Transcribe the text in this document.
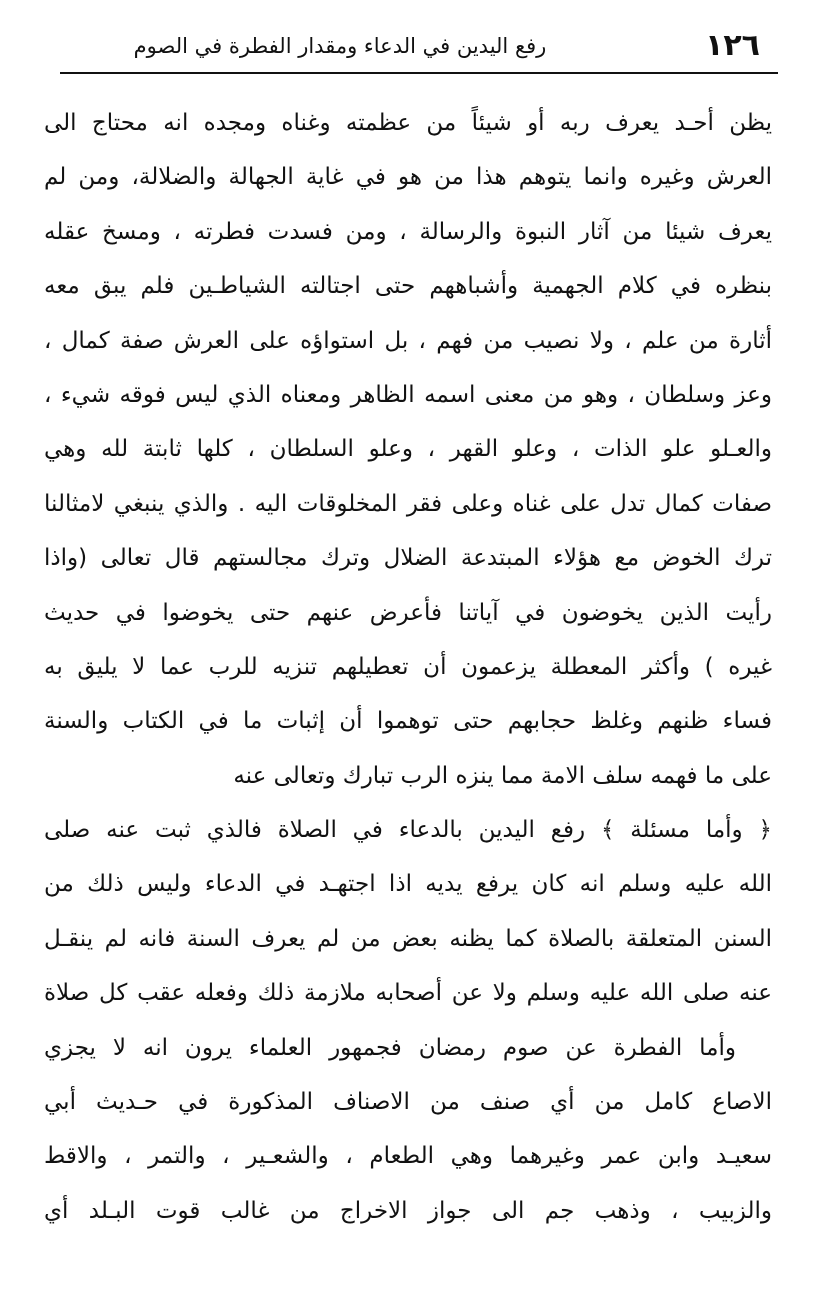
١٢٦
رفع اليدين في الدعاء ومقدار الفطرة في الصوم
يظن أحـد يعرف ربه أو شيئاً من عظمته وغناه ومجده انه محتاج الى
العرش وغيره وانما يتوهم هذا من هو في غاية الجهالة والضلالة، ومن لم
يعرف شيئا من آثار النبوة والرسالة ، ومن فسدت فطرته ، ومسخ عقله
بنظره في كلام الجهمية وأشباههم حتى اجتالته الشياطـين فلم يبق معه
أثارة من علم ، ولا نصيب من فهم ، بل استواؤه على العرش صفة كمال ،
وعز وسلطان ، وهو من معنى اسمه الظاهر ومعناه الذي ليس فوقه شيء ،
والعـلو علو الذات ، وعلو القهر ، وعلو السلطان ، كلها ثابتة لله وهي
صفات كمال تدل على غناه وعلى فقر المخلوقات اليه . والذي ينبغي لامثالنا
ترك الخوض مع هؤلاء المبتدعة الضلال وترك مجالستهم قال تعالى (واذا
رأيت الذين يخوضون في آياتنا فأعرض عنهم حتى يخوضوا في حديث
غيره ) وأكثر المعطلة يزعمون أن تعطيلهم تنزيه للرب عما لا يليق به
فساء ظنهم وغلظ حجابهم حتى توهموا أن إثبات ما في الكتاب والسنة
على ما فهمه سلف الامة مما ينزه الرب تبارك وتعالى عنه
﴿ وأما مسئلة ﴾ رفع اليدين بالدعاء في الصلاة فالذي ثبت عنه صلى
الله عليه وسلم انه كان يرفع يديه اذا اجتهـد في الدعاء وليس ذلك من
السنن المتعلقة بالصلاة كما يظنه بعض من لم يعرف السنة فانه لم ينقـل
عنه صلى الله عليه وسلم ولا عن أصحابه ملازمة ذلك وفعله عقب كل صلاة
وأما الفطرة عن صوم رمضان فجمهور العلماء يرون انه لا يجزي
الاصاع كامل من أي صنف من الاصناف المذكورة في حـديث أبي
سعيـد وابن عمر وغيرهما وهي الطعام ، والشعـير ، والتمر ، والاقط
والزبيب ، وذهب جم الى جواز الاخراج من غالب قوت البـلد أي
